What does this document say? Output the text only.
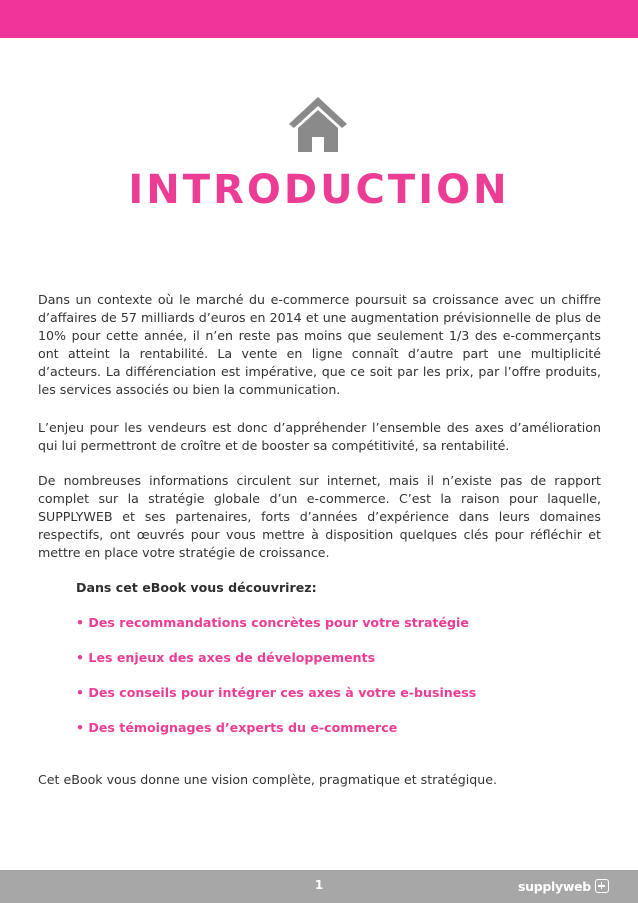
INTRODUCTION

Dans un contexte où le marché du e-commerce poursuit sa croissance avec un chiffre d’affaires de 57 milliards d’euros en 2014 et une augmentation prévisionnelle de plus de 10% pour cette année, il n’en reste pas moins que seulement 1/3 des e-commerçants ont atteint la rentabilité. La vente en ligne connaît d’autre part une multiplicité d’acteurs. La différenciation est impérative, que ce soit par les prix, par l’offre produits, les services associés ou bien la communication.

L’enjeu pour les vendeurs est donc d’appréhender l’ensemble des axes d’amélioration qui lui permettront de croître et de booster sa compétitivité, sa rentabilité.

De nombreuses informations circulent sur internet, mais il n’existe pas de rapport complet sur la stratégie globale d’un e-commerce. C’est la raison pour laquelle, SUPPLYWEB et ses partenaires, forts d’années d’expérience dans leurs domaines respectifs, ont œuvrés pour vous mettre à disposition quelques clés pour réfléchir et mettre en place votre stratégie de croissance.

Dans cet eBook vous découvrirez:
• Des recommandations concrètes pour votre stratégie
• Les enjeux des axes de développements
• Des conseils pour intégrer ces axes à votre e-business
• Des témoignages d’experts du e-commerce

Cet eBook vous donne une vision complète, pragmatique et stratégique.

1	supplyweb
